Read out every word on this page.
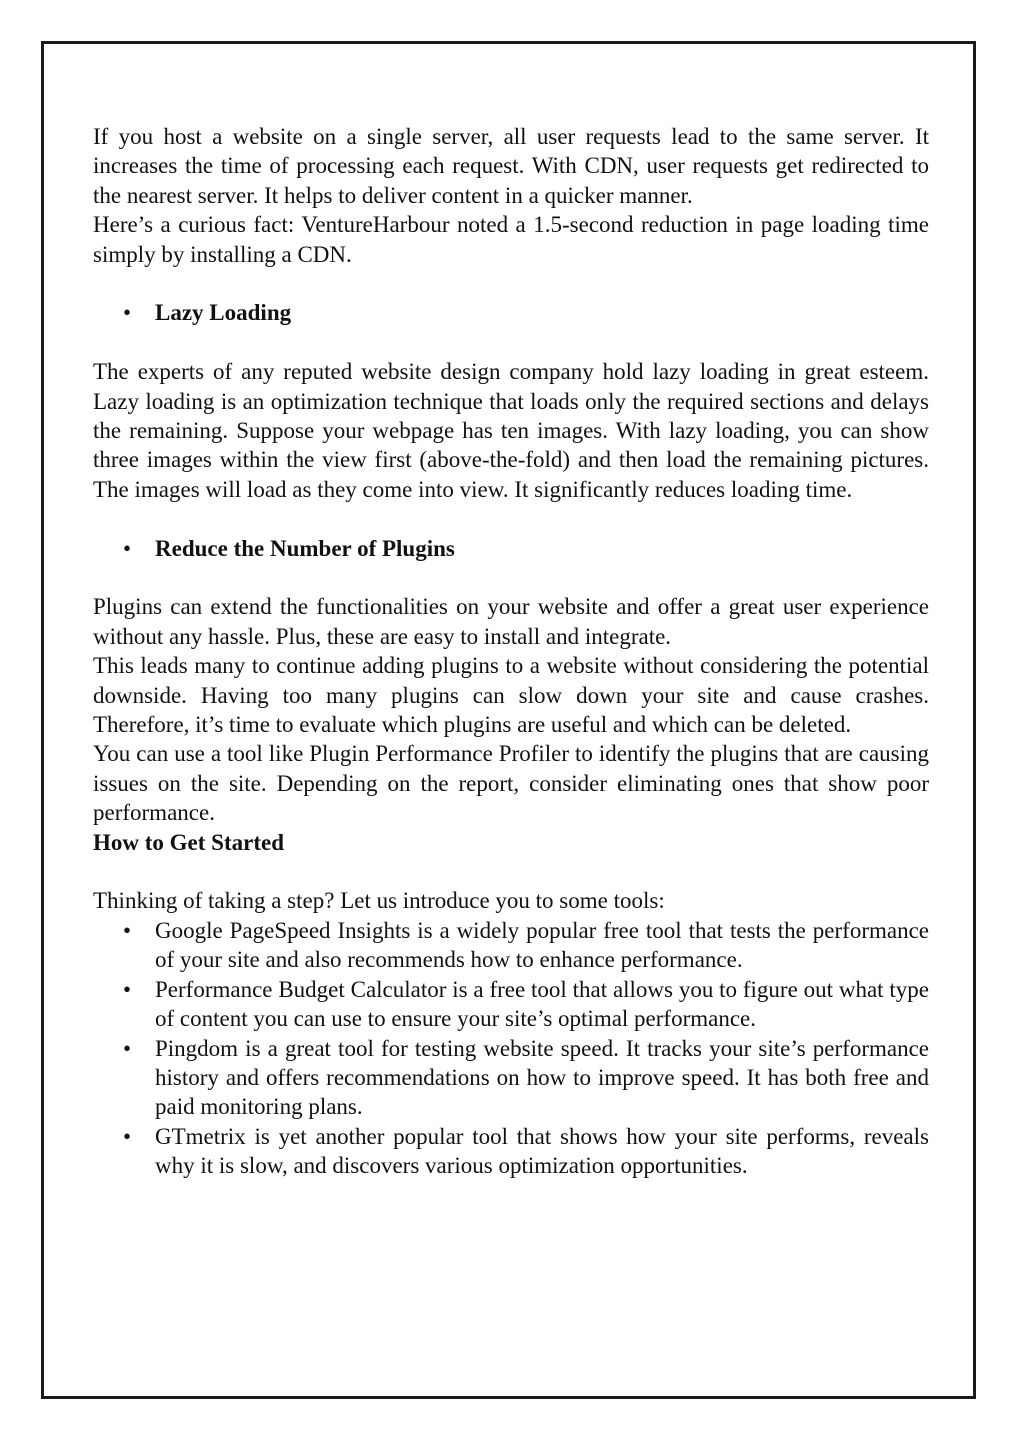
If you host a website on a single server, all user requests lead to the same server. It increases the time of processing each request. With CDN, user requests get redirected to the nearest server. It helps to deliver content in a quicker manner.

Here’s a curious fact: VentureHarbour noted a 1.5-second reduction in page loading time simply by installing a CDN.

• Lazy Loading

The experts of any reputed website design company hold lazy loading in great esteem. Lazy loading is an optimization technique that loads only the required sections and delays the remaining. Suppose your webpage has ten images. With lazy loading, you can show three images within the view first (above-the-fold) and then load the remaining pictures. The images will load as they come into view. It significantly reduces loading time.

• Reduce the Number of Plugins

Plugins can extend the functionalities on your website and offer a great user experience without any hassle. Plus, these are easy to install and integrate.

This leads many to continue adding plugins to a website without considering the potential downside. Having too many plugins can slow down your site and cause crashes. Therefore, it’s time to evaluate which plugins are useful and which can be deleted.

You can use a tool like Plugin Performance Profiler to identify the plugins that are causing issues on the site. Depending on the report, consider eliminating ones that show poor performance.

How to Get Started

Thinking of taking a step? Let us introduce you to some tools:

• Google PageSpeed Insights is a widely popular free tool that tests the performance of your site and also recommends how to enhance performance.
• Performance Budget Calculator is a free tool that allows you to figure out what type of content you can use to ensure your site’s optimal performance.
• Pingdom is a great tool for testing website speed. It tracks your site’s performance history and offers recommendations on how to improve speed. It has both free and paid monitoring plans.
• GTmetrix is yet another popular tool that shows how your site performs, reveals why it is slow, and discovers various optimization opportunities.
